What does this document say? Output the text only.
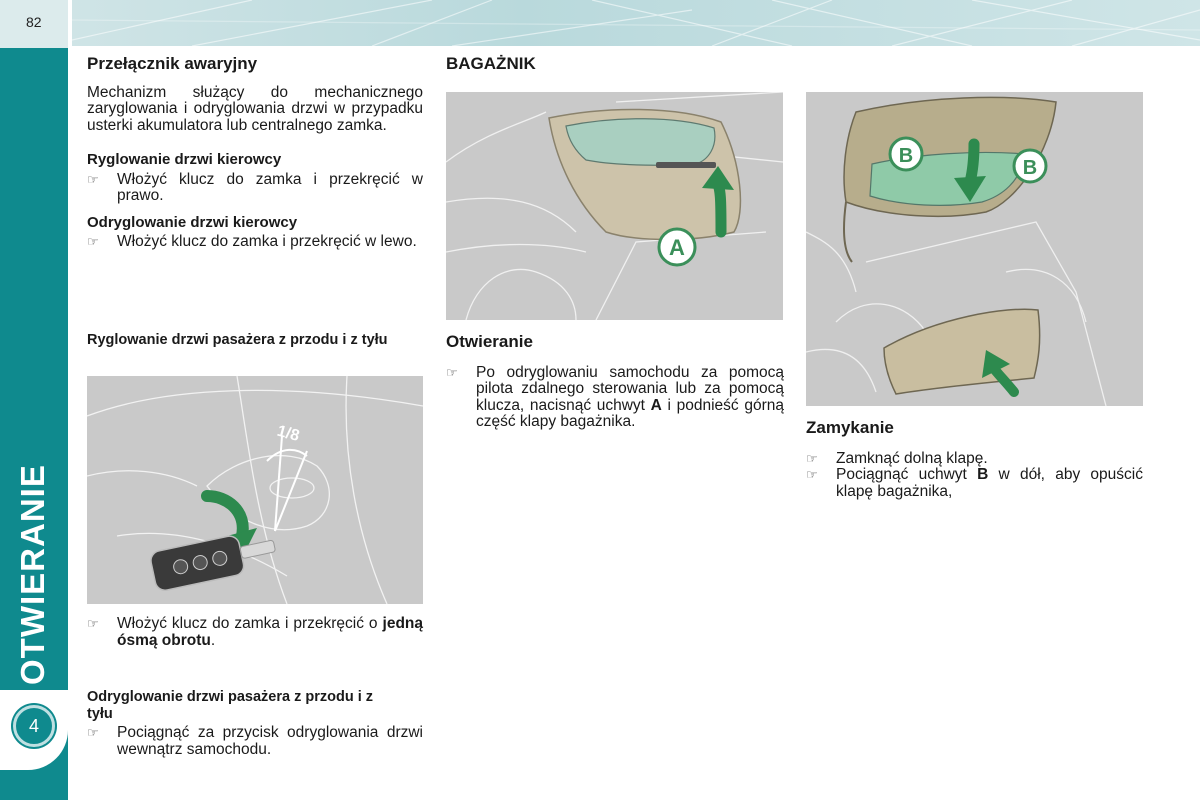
82
OTWIERANIE
4
Przełącznik awaryjny

Mechanizm służący do mechanicznego zaryglowania i odryglowania drzwi w przypadku usterki akumulatora lub centralnego zamka.

Ryglowanie drzwi kierowcy
☞ Włożyć klucz do zamka i przekręcić w prawo.
Odryglowanie drzwi kierowcy
☞ Włożyć klucz do zamka i przekręcić w lewo.
Ryglowanie drzwi pasażera z przodu i z tyłu
1/8
☞ Włożyć klucz do zamka i przekręcić o jedną ósmą obrotu.
Odryglowanie drzwi pasażera z przodu i z tyłu
☞ Pociągnąć za przycisk odryglowania drzwi wewnątrz samochodu.
BAGAŻNIK
A
Otwieranie
☞ Po odryglowaniu samochodu za pomocą pilota zdalnego sterowania lub za pomocą klucza, nacisnąć uchwyt A i podnieść górną część klapy bagażnika.
B
B
Zamykanie
☞ Zamknąć dolną klapę.
☞ Pociągnąć uchwyt B w dół, aby opuścić klapę bagażnika,
